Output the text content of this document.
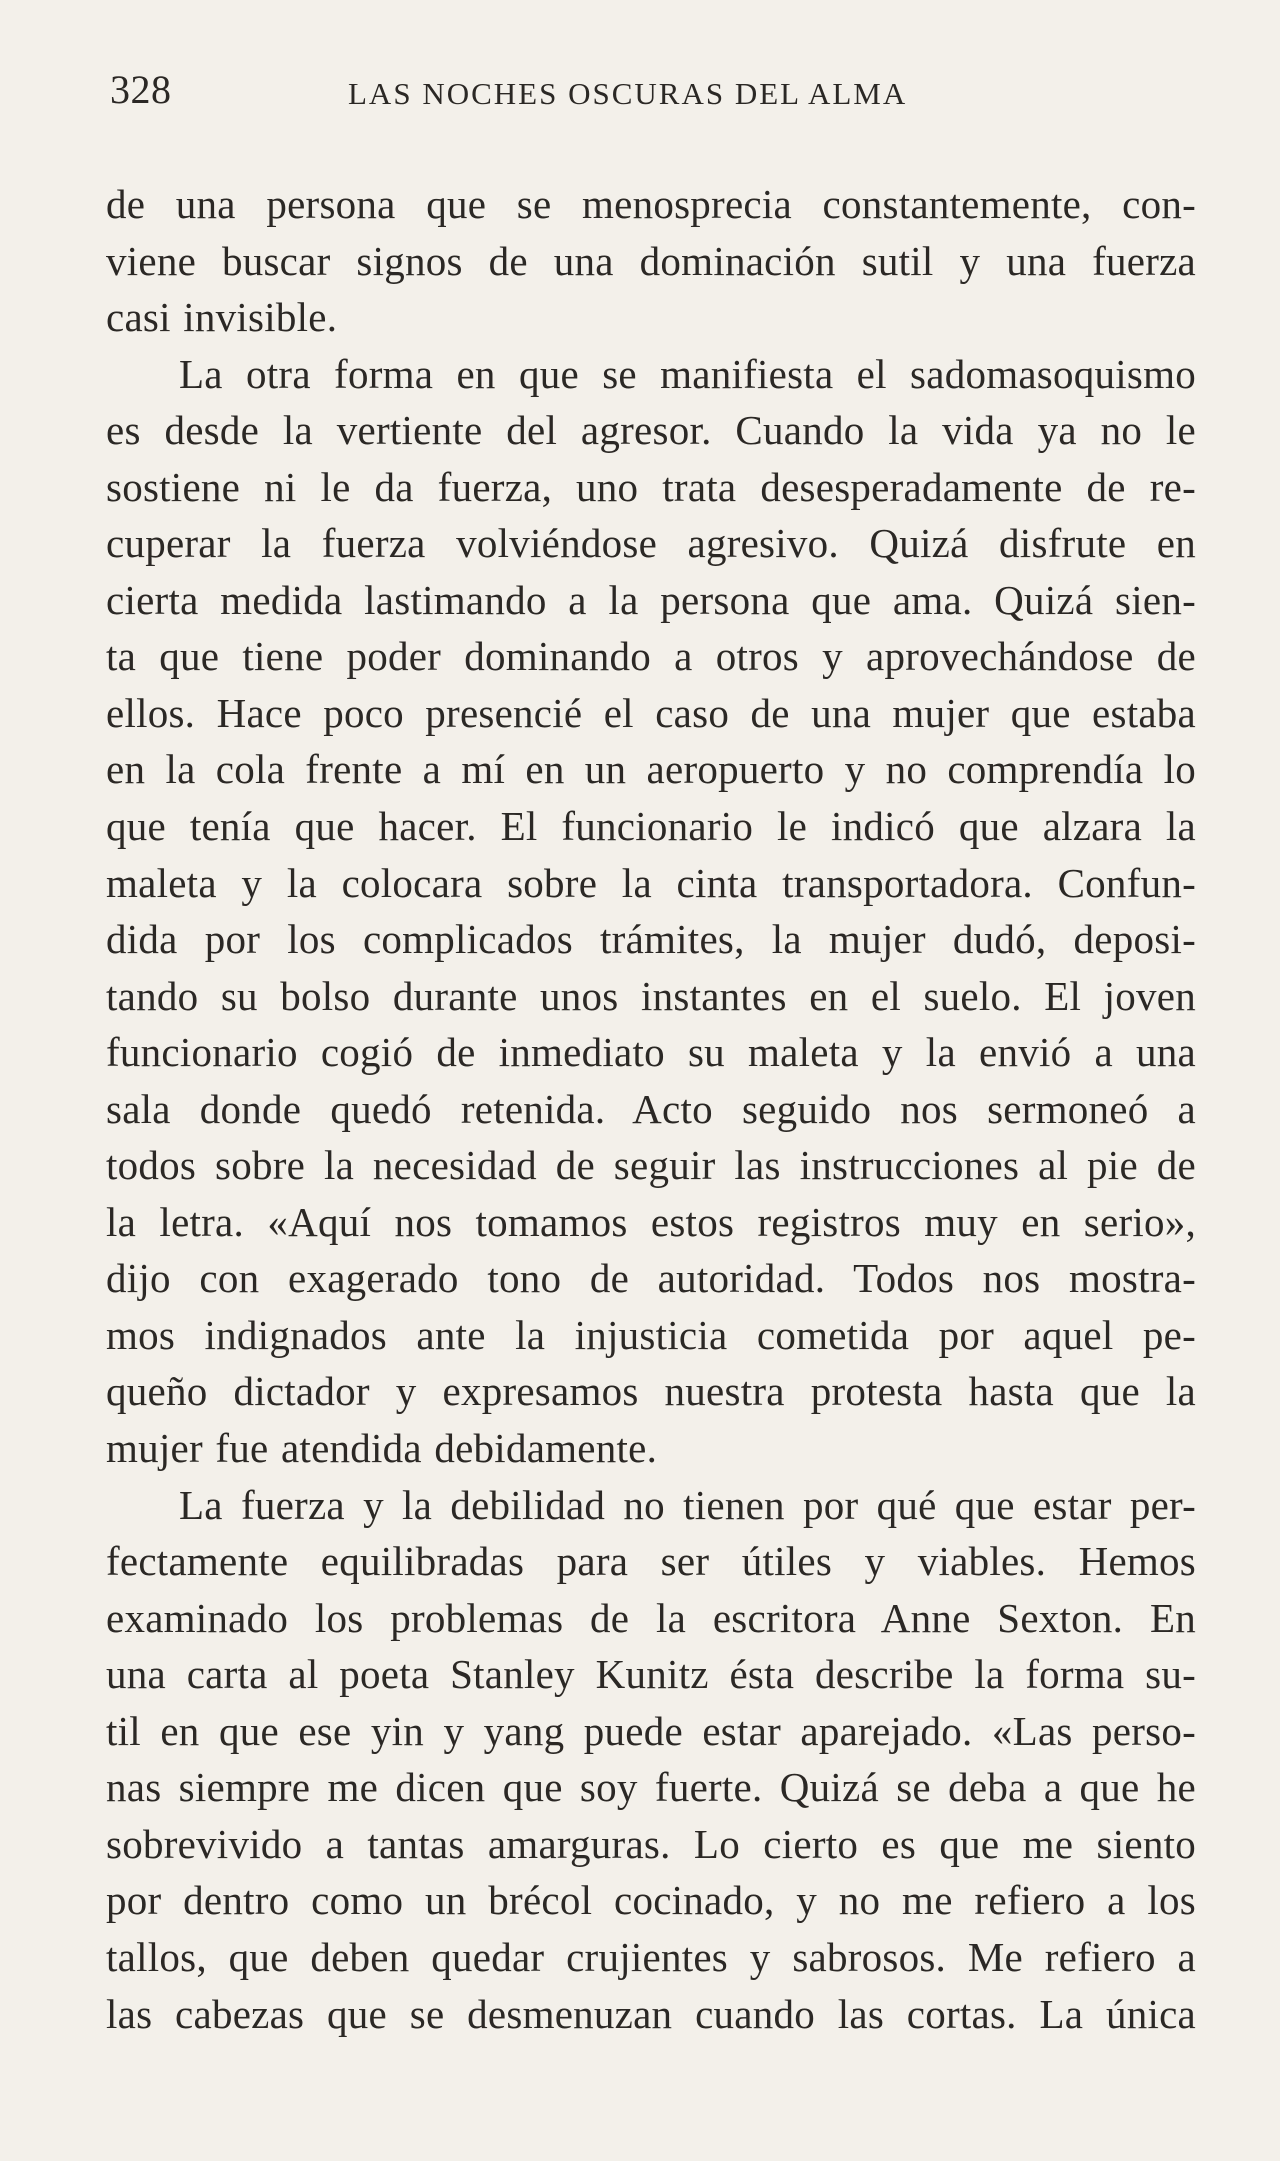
328	LAS NOCHES OSCURAS DEL ALMA
de una persona que se menosprecia constantemente, con-
viene buscar signos de una dominación sutil y una fuerza
casi invisible.
La otra forma en que se manifiesta el sadomasoquismo
es desde la vertiente del agresor. Cuando la vida ya no le
sostiene ni le da fuerza, uno trata desesperadamente de re-
cuperar la fuerza volviéndose agresivo. Quizá disfrute en
cierta medida lastimando a la persona que ama. Quizá sien-
ta que tiene poder dominando a otros y aprovechándose de
ellos. Hace poco presencié el caso de una mujer que estaba
en la cola frente a mí en un aeropuerto y no comprendía lo
que tenía que hacer. El funcionario le indicó que alzara la
maleta y la colocara sobre la cinta transportadora. Confun-
dida por los complicados trámites, la mujer dudó, deposi-
tando su bolso durante unos instantes en el suelo. El joven
funcionario cogió de inmediato su maleta y la envió a una
sala donde quedó retenida. Acto seguido nos sermoneó a
todos sobre la necesidad de seguir las instrucciones al pie de
la letra. «Aquí nos tomamos estos registros muy en serio»,
dijo con exagerado tono de autoridad. Todos nos mostra-
mos indignados ante la injusticia cometida por aquel pe-
queño dictador y expresamos nuestra protesta hasta que la
mujer fue atendida debidamente.
La fuerza y la debilidad no tienen por qué que estar per-
fectamente equilibradas para ser útiles y viables. Hemos
examinado los problemas de la escritora Anne Sexton. En
una carta al poeta Stanley Kunitz ésta describe la forma su-
til en que ese yin y yang puede estar aparejado. «Las perso-
nas siempre me dicen que soy fuerte. Quizá se deba a que he
sobrevivido a tantas amarguras. Lo cierto es que me siento
por dentro como un brécol cocinado, y no me refiero a los
tallos, que deben quedar crujientes y sabrosos. Me refiero a
las cabezas que se desmenuzan cuando las cortas. La única
